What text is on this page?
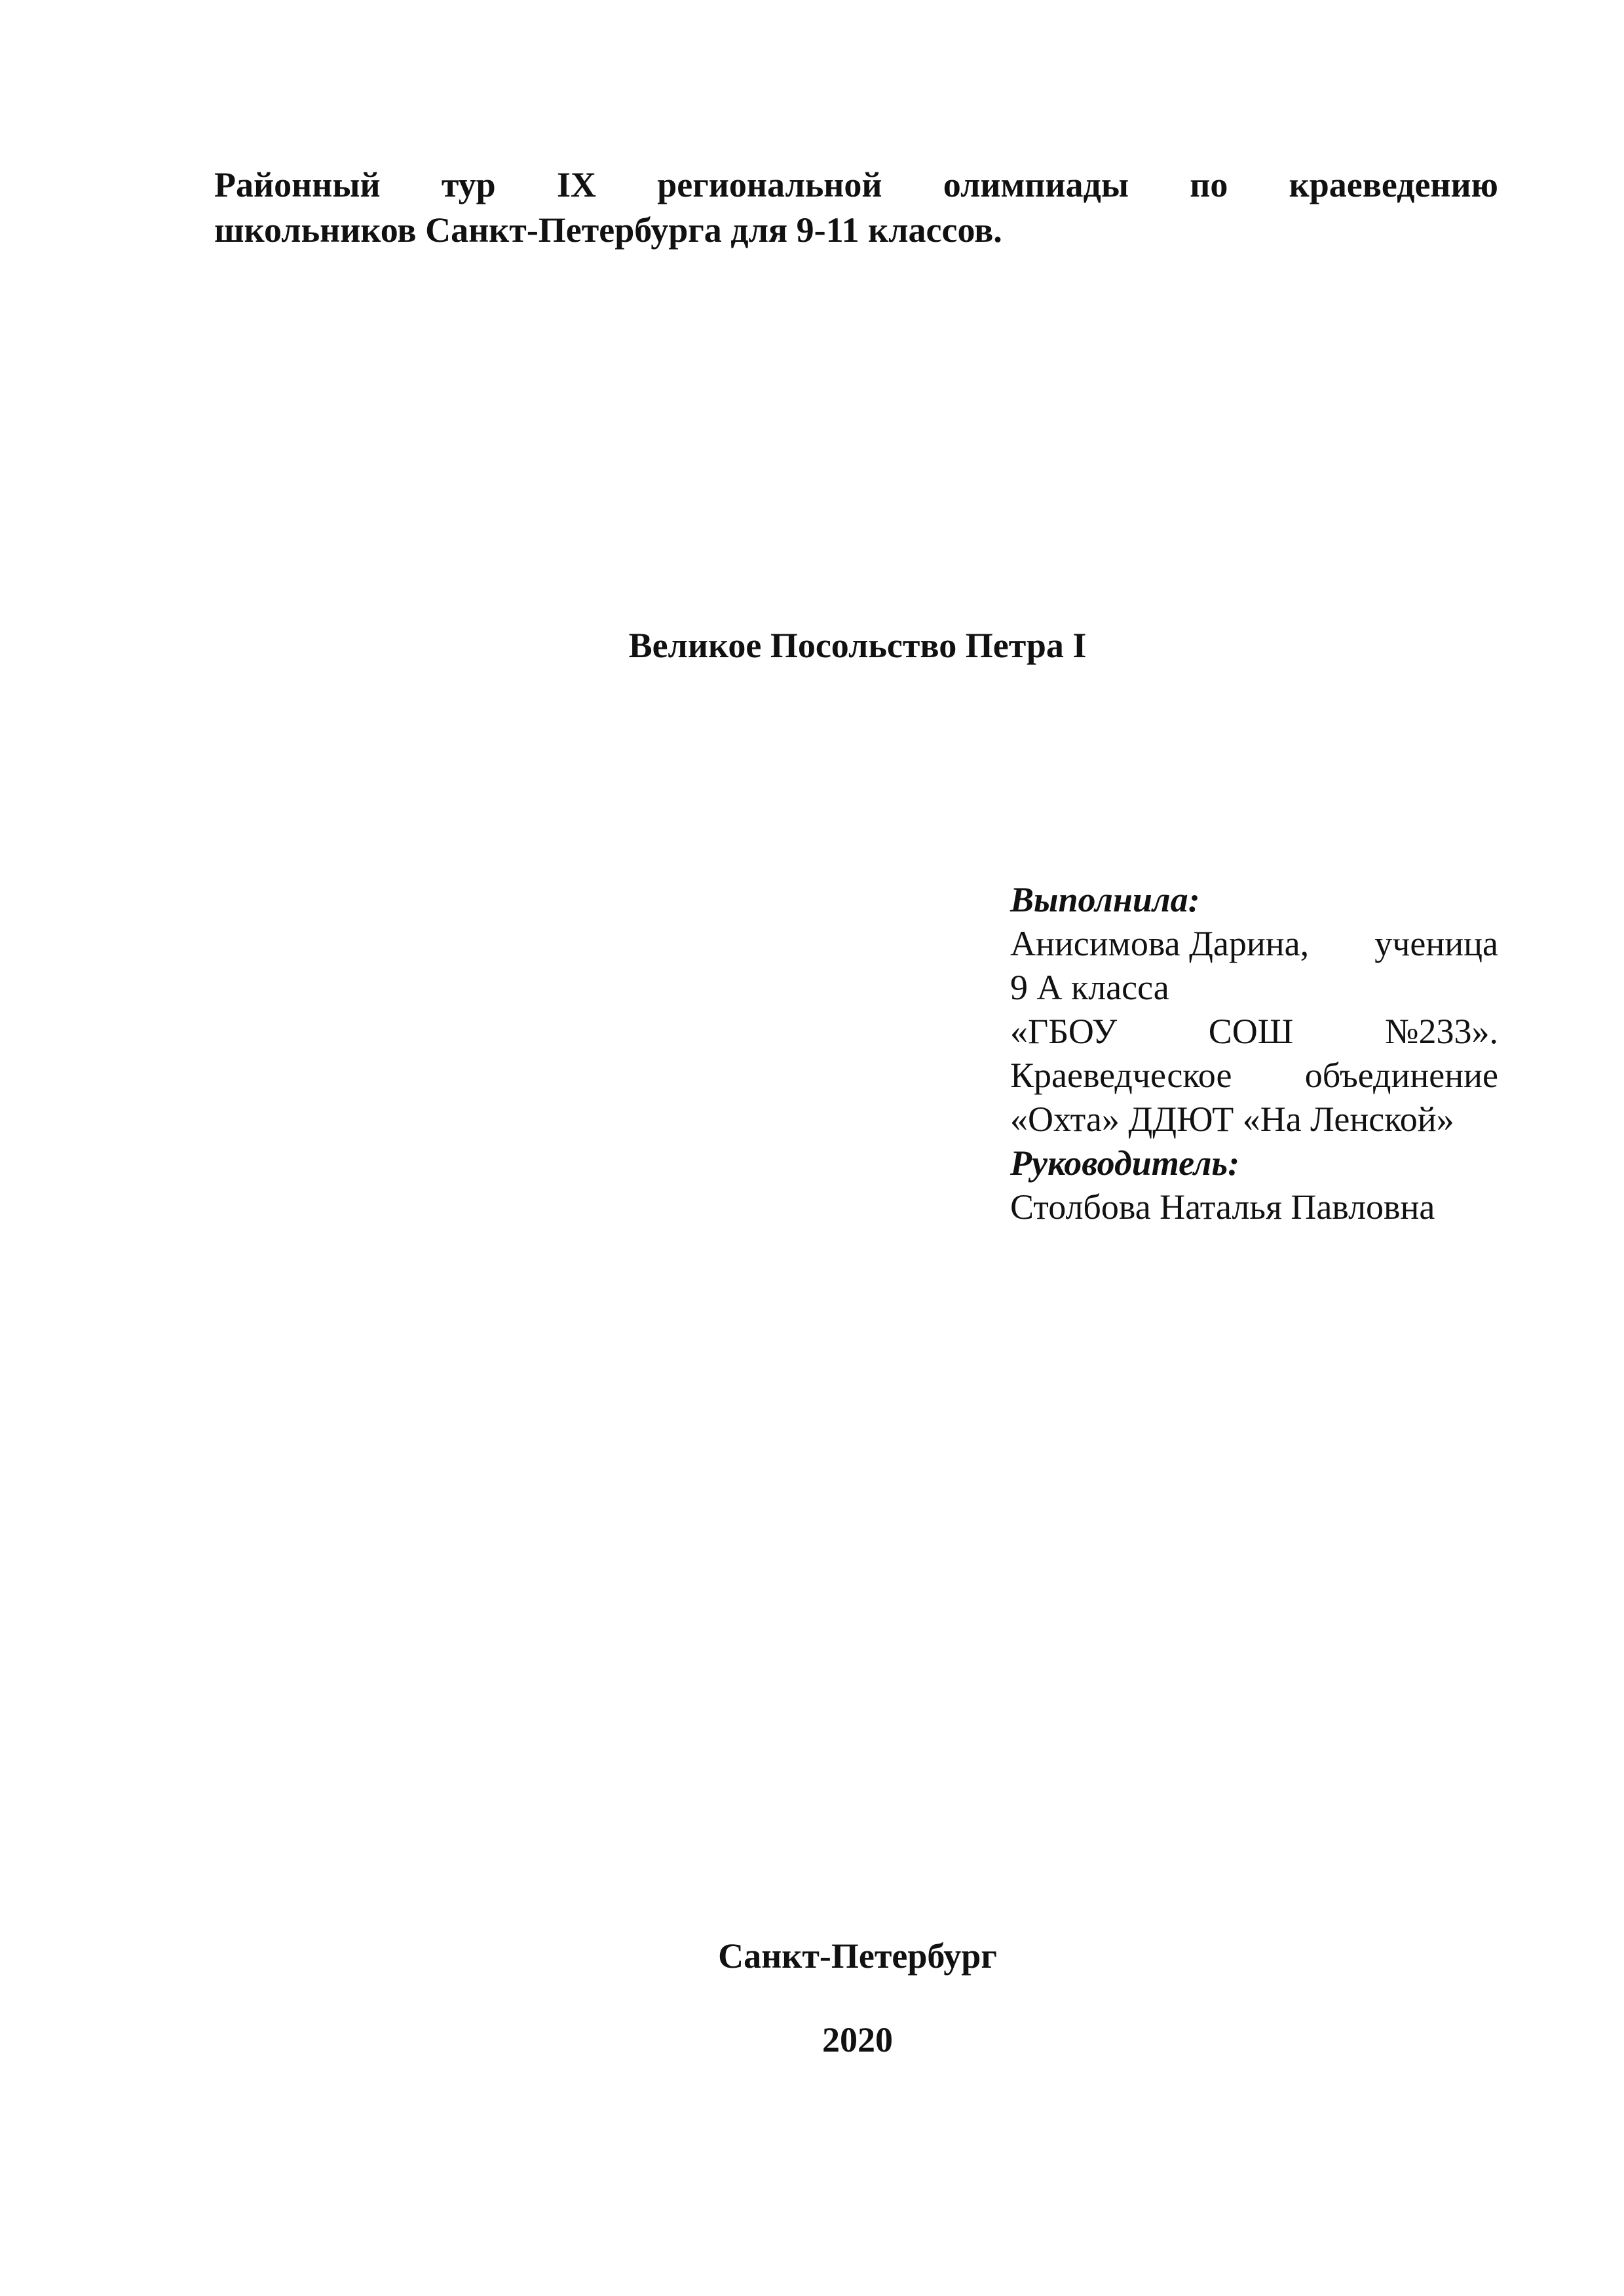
Районный тур IX региональной олимпиады по краеведению
школьников Санкт-Петербурга для 9-11 классов.
Великое Посольство Петра I
Выполнила:
Анисимова Дарина, ученица
9 А класса
«ГБОУ	СОШ	№233».
Краеведческое объединение
«Охта» ДДЮТ «На Ленской»
Руководитель:
Столбова Наталья Павловна
Санкт-Петербург
2020
